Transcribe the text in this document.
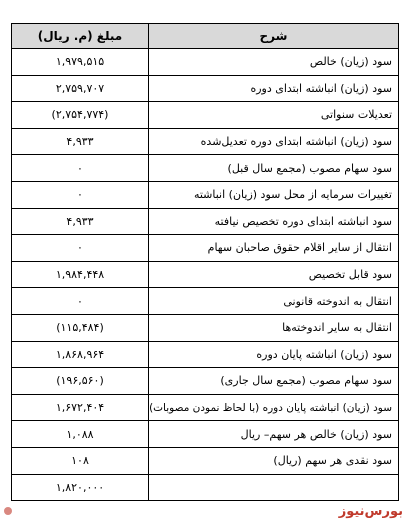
شرح	مبلغ (م. ریال)
سود (زیان) خالص	۱,۹۷۹,۵۱۵
سود (زیان) انباشته ابتدای دوره	۲,۷۵۹,۷۰۷
تعدیلات سنواتی	(۲,۷۵۴,۷۷۴)
سود (زیان) انباشته ابتدای دوره تعدیل‌شده	۴,۹۳۳
سود سهام مصوب (مجمع سال قبل)	۰
تغییرات سرمایه از محل سود (زیان) انباشته	۰
سود انباشته ابتدای دوره تخصیص نیافته	۴,۹۳۳
انتقال از سایر اقلام حقوق صاحبان سهام	۰
سود قابل تخصیص	۱,۹۸۴,۴۴۸
انتقال به اندوخته قانونی	۰
انتقال به سایر اندوخته‌ها	(۱۱۵,۴۸۴)
سود (زیان) انباشته پایان دوره	۱,۸۶۸,۹۶۴
سود سهام مصوب (مجمع سال جاری)	(۱۹۶,۵۶۰)
سود (زیان) انباشته پایان دوره (با لحاظ نمودن مصوبات)	۱,۶۷۲,۴۰۴
سود (زیان) خالص هر سهم– ریال	۱,۰۸۸
سود نقدی هر سهم (ریال)	۱۰۸
	۱,۸۲۰,۰۰۰
بورس‌نیوز
